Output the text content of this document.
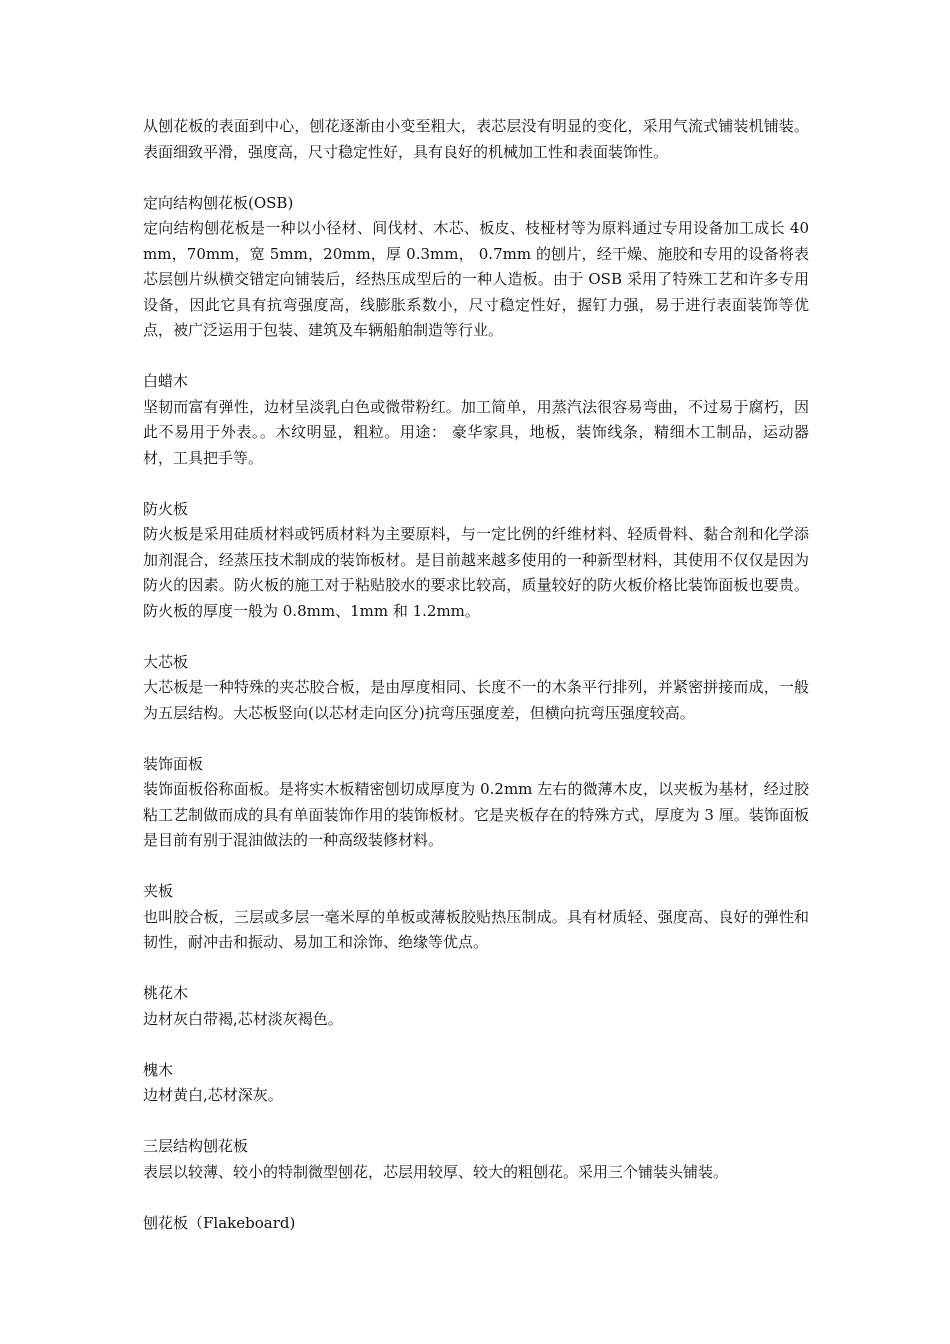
从刨花板的表面到中心，刨花逐渐由小变至粗大，表芯层没有明显的变化，采用气流式铺装机铺装。表面细致平滑，强度高，尺寸稳定性好，具有良好的机械加工性和表面装饰性。

定向结构刨花板(OSB)

定向结构刨花板是一种以小径材、间伐材、木芯、板皮、枝桠材等为原料通过专用设备加工成长 40mm，70mm，宽 5mm，20mm，厚 0.3mm， 0.7mm 的刨片，经干燥、施胶和专用的设备将表芯层刨片纵横交错定向铺装后，经热压成型后的一种人造板。由于 OSB 采用了特殊工艺和许多专用设备，因此它具有抗弯强度高，线膨胀系数小，尺寸稳定性好，握钉力强，易于进行表面装饰等优点，被广泛运用于包装、建筑及车辆船舶制造等行业。

白蜡木

坚韧而富有弹性，边材呈淡乳白色或微带粉红。加工简单，用蒸汽法很容易弯曲，不过易于腐朽，因此不易用于外表。。木纹明显，粗粒。用途： 豪华家具，地板，装饰线条，精细木工制品，运动器材，工具把手等。

防火板

防火板是采用硅质材料或钙质材料为主要原料，与一定比例的纤维材料、轻质骨料、黏合剂和化学添加剂混合，经蒸压技术制成的装饰板材。是目前越来越多使用的一种新型材料，其使用不仅仅是因为防火的因素。防火板的施工对于粘贴胶水的要求比较高，质量较好的防火板价格比装饰面板也要贵。防火板的厚度一般为 0.8mm、1mm 和 1.2mm。

大芯板

大芯板是一种特殊的夹芯胶合板，是由厚度相同、长度不一的木条平行排列，并紧密拼接而成，一般为五层结构。大芯板竖向(以芯材走向区分)抗弯压强度差，但横向抗弯压强度较高。

装饰面板

装饰面板俗称面板。是将实木板精密刨切成厚度为 0.2mm 左右的微薄木皮，以夹板为基材，经过胶粘工艺制做而成的具有单面装饰作用的装饰板材。它是夹板存在的特殊方式，厚度为 3 厘。装饰面板是目前有别于混油做法的一种高级装修材料。

夹板

也叫胶合板，三层或多层一毫米厚的单板或薄板胶贴热压制成。具有材质轻、强度高、良好的弹性和韧性，耐冲击和振动、易加工和涂饰、绝缘等优点。

桃花木

边材灰白带褐,芯材淡灰褐色。

槐木

边材黄白,芯材深灰。

三层结构刨花板

表层以较薄、较小的特制微型刨花，芯层用较厚、较大的粗刨花。采用三个铺装头铺装。

刨花板（Flakeboard)
